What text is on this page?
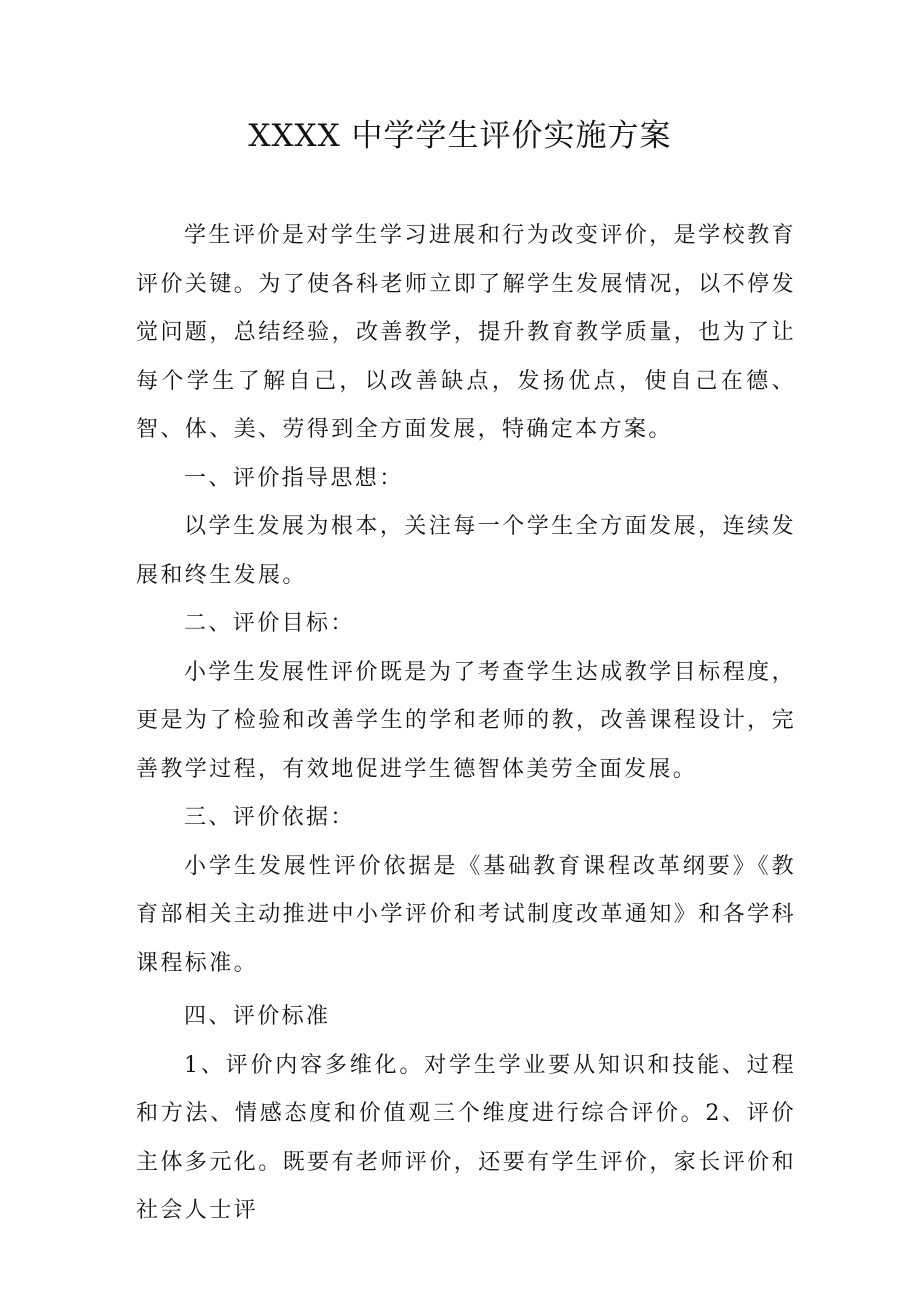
XXXX 中学学生评价实施方案

学生评价是对学生学习进展和行为改变评价，是学校教育评价关键。为了使各科老师立即了解学生发展情况，以不停发觉问题，总结经验，改善教学，提升教育教学质量，也为了让每个学生了解自己，以改善缺点，发扬优点，使自己在德、智、体、美、劳得到全方面发展，特确定本方案。

一、评价指导思想：

以学生发展为根本，关注每一个学生全方面发展，连续发展和终生发展。

二、评价目标：

小学生发展性评价既是为了考查学生达成教学目标程度，更是为了检验和改善学生的学和老师的教，改善课程设计，完善教学过程，有效地促进学生德智体美劳全面发展。

三、评价依据：

小学生发展性评价依据是《基础教育课程改革纲要》《教育部相关主动推进中小学评价和考试制度改革通知》和各学科课程标准。

四、评价标准

1、评价内容多维化。对学生学业要从知识和技能、过程和方法、情感态度和价值观三个维度进行综合评价。2、评价主体多元化。既要有老师评价，还要有学生评价，家长评价和社会人士评
